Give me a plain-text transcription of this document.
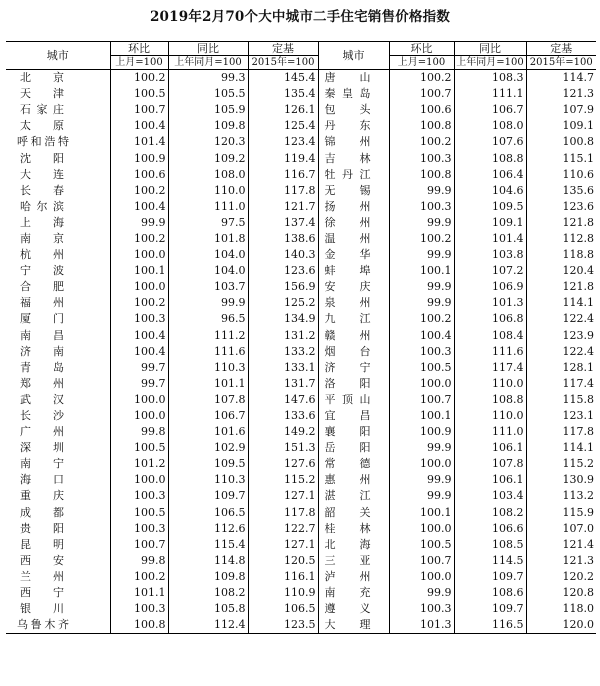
2019年2月70个大中城市二手住宅销售价格指数
城市	环比	同比	定基	城市	环比	同比	定基
	上月=100	上年同月=100	2015年=100		上月=100	上年同月=100	2015年=100
北京	100.2	99.3	145.4	唐山	100.2	108.3	114.7
天津	100.5	105.5	135.4	秦皇岛	100.7	111.1	121.3
石家庄	100.7	105.9	126.1	包头	100.6	106.7	107.9
太原	100.4	109.8	125.4	丹东	100.8	108.0	109.1
呼和浩特	101.4	120.3	123.4	锦州	100.2	107.6	100.8
沈阳	100.9	109.2	119.4	吉林	100.3	108.8	115.1
大连	100.6	108.0	116.7	牡丹江	100.8	106.4	110.6
长春	100.2	110.0	117.8	无锡	99.9	104.6	135.6
哈尔滨	100.4	111.0	121.7	扬州	100.3	109.5	123.6
上海	99.9	97.5	137.4	徐州	99.9	109.1	121.8
南京	100.2	101.8	138.6	温州	100.2	101.4	112.8
杭州	100.0	104.0	140.3	金华	99.9	103.8	118.8
宁波	100.1	104.0	123.6	蚌埠	100.1	107.2	120.4
合肥	100.0	103.7	156.9	安庆	99.9	106.9	121.8
福州	100.2	99.9	125.2	泉州	99.9	101.3	114.1
厦门	100.3	96.5	134.9	九江	100.2	106.8	122.4
南昌	100.4	111.2	131.2	赣州	100.4	108.4	123.9
济南	100.4	111.6	133.2	烟台	100.3	111.6	122.4
青岛	99.7	110.3	133.1	济宁	100.5	117.4	128.1
郑州	99.7	101.1	131.7	洛阳	100.0	110.0	117.4
武汉	100.0	107.8	147.6	平顶山	100.7	108.8	115.8
长沙	100.0	106.7	133.6	宜昌	100.1	110.0	123.1
广州	99.8	101.6	149.2	襄阳	100.9	111.0	117.8
深圳	100.5	102.9	151.3	岳阳	99.9	106.1	114.1
南宁	101.2	109.5	127.6	常德	100.0	107.8	115.2
海口	100.0	110.3	115.2	惠州	99.9	106.1	130.9
重庆	100.3	109.7	127.1	湛江	99.9	103.4	113.2
成都	100.5	106.5	117.8	韶关	100.1	108.2	115.9
贵阳	100.3	112.6	122.7	桂林	100.0	106.6	107.0
昆明	100.7	115.4	127.1	北海	100.5	108.5	121.4
西安	99.8	114.8	120.5	三亚	100.7	114.5	121.3
兰州	100.2	109.8	116.1	泸州	100.0	109.7	120.2
西宁	101.1	108.2	110.9	南充	99.9	108.6	120.8
银川	100.3	105.8	106.5	遵义	100.3	109.7	118.0
乌鲁木齐	100.8	112.4	123.5	大理	101.3	116.5	120.0
